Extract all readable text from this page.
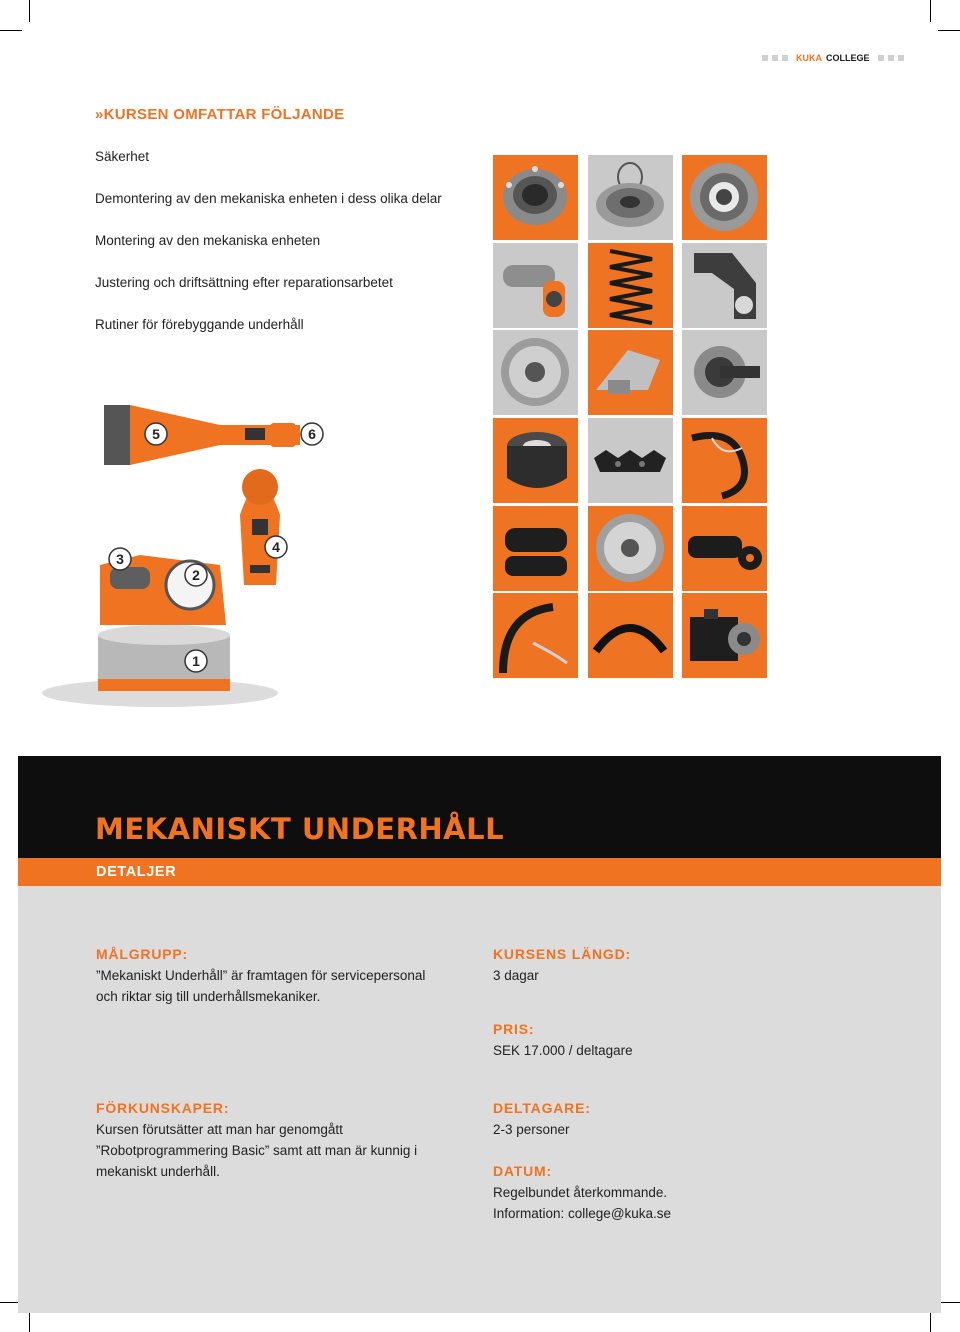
KUKA COLLEGE
»KURSEN OMFATTAR FÖLJANDE
Säkerhet
Demontering av den mekaniska enheten i dess olika delar
Montering av den mekaniska enheten
Justering och driftsättning efter reparationsarbetet
Rutiner för förebyggande underhåll
5	6
4
3
2
1
MEKANISKT UNDERHÅLL
DETALJER
MÅLGRUPP:
”Mekaniskt Underhåll” är framtagen för servicepersonal
och riktar sig till underhållsmekaniker.
KURSENS LÄNGD:
3 dagar
PRIS:
SEK 17.000 / deltagare
FÖRKUNSKAPER:
Kursen förutsätter att man har genomgått
”Robotprogrammering Basic” samt att man är kunnig i
mekaniskt underhåll.
DELTAGARE:
2-3 personer
DATUM:
Regelbundet återkommande.
Information: college@kuka.se
